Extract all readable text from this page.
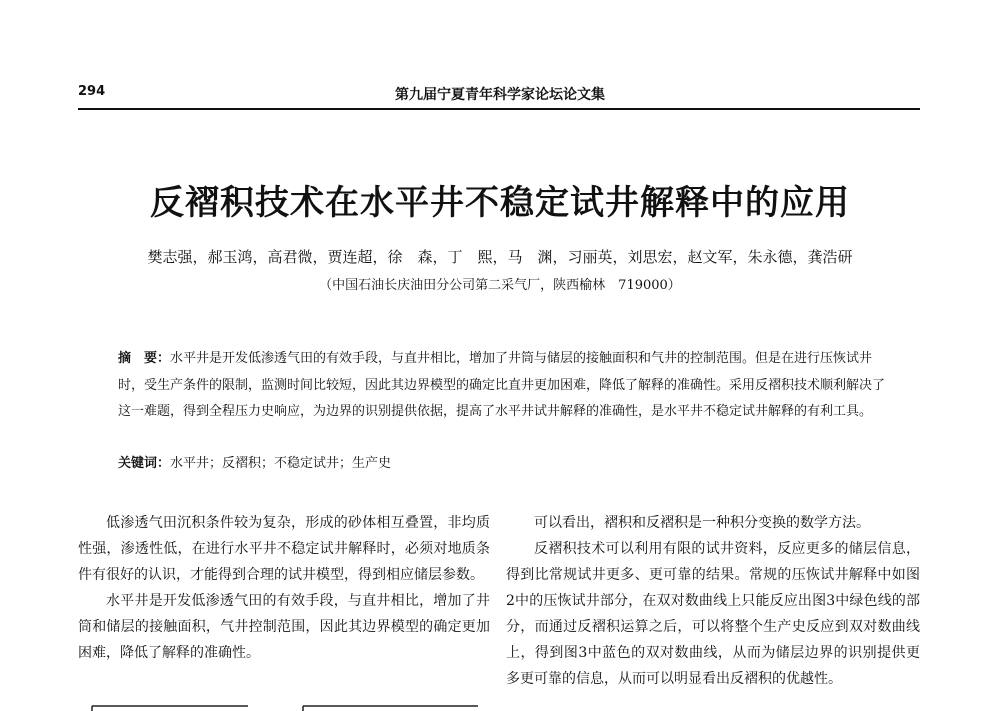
294	第九届宁夏青年科学家论坛论文集
反褶积技术在水平井不稳定试井解释中的应用
樊志强，郝玉鸿，高君微，贾连超，徐　森，丁　熙，马　渊，习丽英，刘思宏，赵文军，朱永德，龚浩研
（中国石油长庆油田分公司第二采气厂，陕西榆林　719000）
摘　要：水平井是开发低渗透气田的有效手段，与直井相比，增加了井筒与储层的接触面积和气井的控制范围。但是在进行压恢试井时，受生产条件的限制，监测时间比较短，因此其边界模型的确定比直井更加困难，降低了解释的准确性。采用反褶积技术顺利解决了这一难题，得到全程压力史响应，为边界的识别提供依据，提高了水平井试井解释的准确性，是水平井不稳定试井解释的有利工具。
关键词：水平井；反褶积；不稳定试井；生产史

低渗透气田沉积条件较为复杂，形成的砂体相互叠置，非均质性强，渗透性低，在进行水平井不稳定试井解释时，必须对地质条件有很好的认识，才能得到合理的试井模型，得到相应储层参数。

水平井是开发低渗透气田的有效手段，与直井相比，增加了井筒和储层的接触面积，气井控制范围，因此其边界模型的确定更加困难，降低了解释的准确性。

可以看出，褶积和反褶积是一种积分变换的数学方法。

反褶积技术可以利用有限的试井资料，反应更多的储层信息，得到比常规试井更多、更可靠的结果。常规的压恢试井解释中如图2中的压恢试井部分，在双对数曲线上只能反应出图3中绿色线的部分，而通过反褶积运算之后，可以将整个生产史反应到双对数曲线上，得到图3中蓝色的双对数曲线，从而为储层边界的识别提供更多更可靠的信息，从而可以明显看出反褶积的优越性。
